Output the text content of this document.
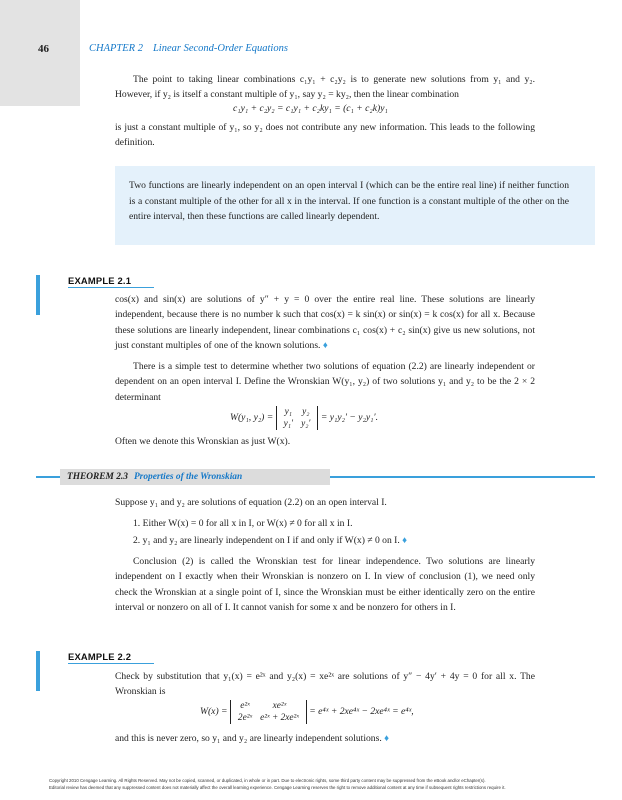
46	CHAPTER 2 Linear Second-Order Equations

The point to taking linear combinations c₁y₁ + c₂y₂ is to generate new solutions from y₁ and y₂. However, if y₂ is itself a constant multiple of y₁, say y₂ = ky₂, then the linear combination

c₁y₁ + c₂y₂ = c₁y₁ + c₂ky₁ = (c₁ + c₂k)y₁

is just a constant multiple of y₁, so y₂ does not contribute any new information. This leads to the following definition.

Two functions are linearly independent on an open interval I (which can be the entire real line) if neither function is a constant multiple of the other for all x in the interval. If one function is a constant multiple of the other on the entire interval, then these functions are called linearly dependent.

EXAMPLE 2.1

cos(x) and sin(x) are solutions of y″ + y = 0 over the entire real line. These solutions are linearly independent, because there is no number k such that cos(x) = k sin(x) or sin(x) = k cos(x) for all x. Because these solutions are linearly independent, linear combinations c₁ cos(x) + c₂ sin(x) give us new solutions, not just constant multiples of one of the known solutions. ♦

There is a simple test to determine whether two solutions of equation (2.2) are linearly independent or dependent on an open interval I. Define the Wronskian W(y₁, y₂) of two solutions y₁ and y₂ to be the 2 × 2 determinant

W(y₁, y₂) =
y₁	y₂
y₁′	y₂′
= y₁y₂′ − y₂y₁′.

Often we denote this Wronskian as just W(x).

THEOREM 2.3 Properties of the Wronskian

Suppose y₁ and y₂ are solutions of equation (2.2) on an open interval I.

1. Either W(x) = 0 for all x in I, or W(x) ≠ 0 for all x in I.
2. y₁ and y₂ are linearly independent on I if and only if W(x) ≠ 0 on I. ♦

Conclusion (2) is called the Wronskian test for linear independence. Two solutions are linearly independent on I exactly when their Wronskian is nonzero on I. In view of conclusion (1), we need only check the Wronskian at a single point of I, since the Wronskian must be either identically zero on the entire interval or nonzero on all of I. It cannot vanish for some x and be nonzero for others in I.

EXAMPLE 2.2

Check by substitution that y₁(x) = e²ˣ and y₂(x) = xe²ˣ are solutions of y″ − 4y′ + 4y = 0 for all x. The Wronskian is

W(x) =
e²ˣ	xe²ˣ
2e²ˣ	e²ˣ + 2xe²ˣ
= e⁴ˣ + 2xe⁴ˣ − 2xe⁴ˣ = e⁴ˣ,

and this is never zero, so y₁ and y₂ are linearly independent solutions. ♦

Copyright 2010 Cengage Learning. All Rights Reserved. May not be copied, scanned, or duplicated, in whole or in part. Due to electronic rights, some third party content may be suppressed from the eBook and/or eChapter(s).
Editorial review has deemed that any suppressed content does not materially affect the overall learning experience. Cengage Learning reserves the right to remove additional content at any time if subsequent rights restrictions require it.
